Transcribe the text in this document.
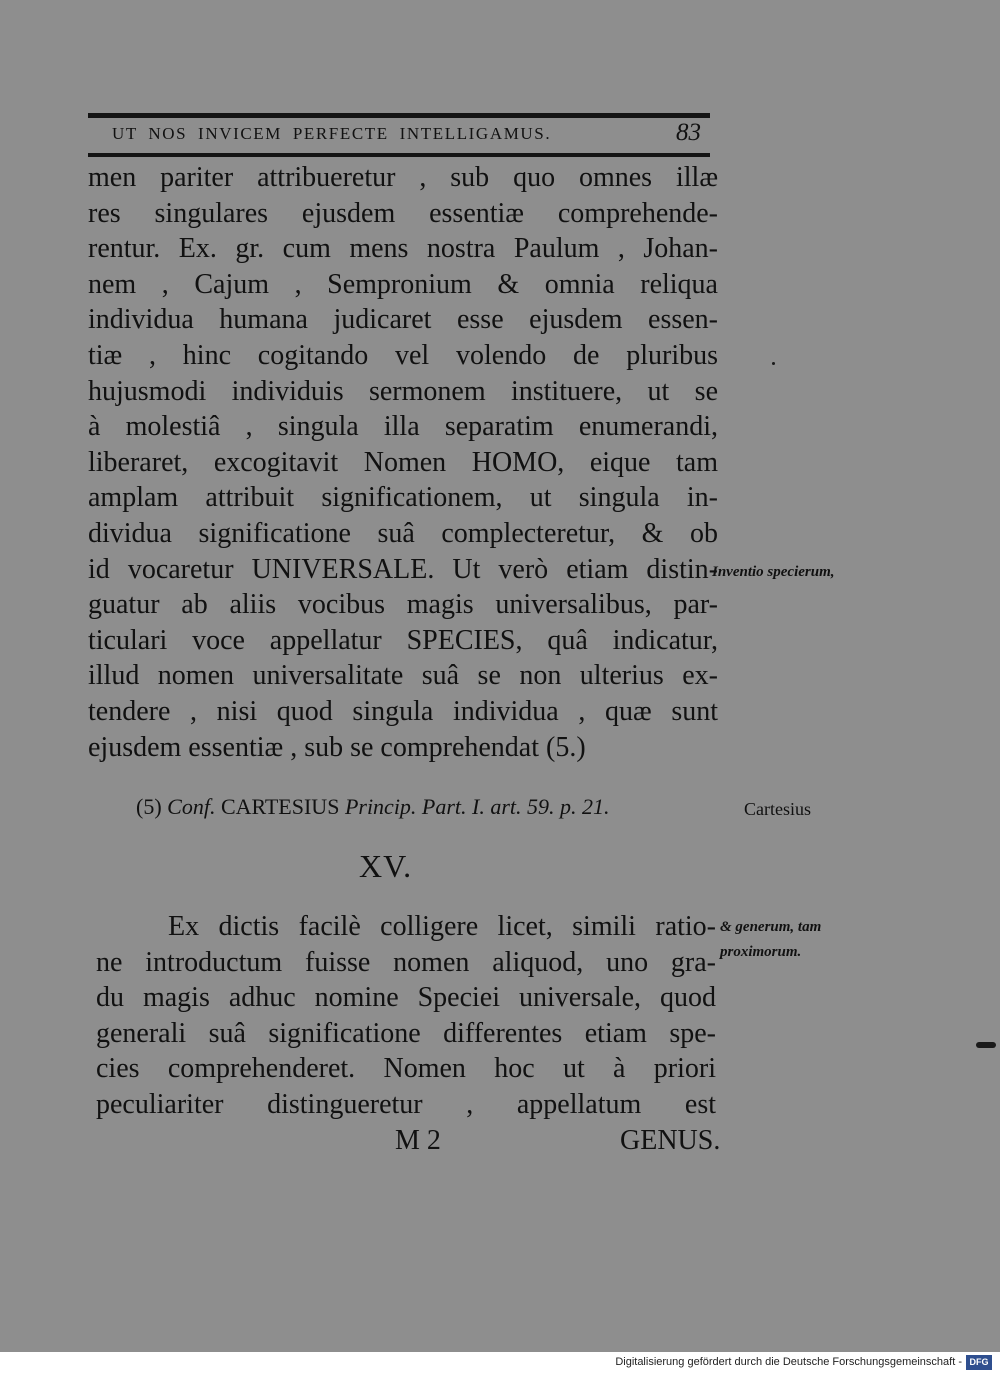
UT NOS INVICEM PERFECTE INTELLIGAMUS.	83
men pariter attribueretur , sub quo omnes illæ
res singulares ejusdem essentiæ comprehende-
rentur. Ex. gr. cum mens nostra Paulum , Johan-
nem , Cajum , Sempronium & omnia reliqua
individua humana judicaret esse ejusdem essen-
tiæ , hinc cogitando vel volendo de pluribus
hujusmodi individuis sermonem instituere, ut se
à molestiâ , singula illa separatim enumerandi,
liberaret, excogitavit Nomen HOMO, eique tam
amplam attribuit significationem, ut singula in-
dividua significatione suâ complecteretur, & ob
id vocaretur UNIVERSALE. Ut verò etiam distin-
guatur ab aliis vocibus magis universalibus, par-
ticulari voce appellatur SPECIES, quâ indicatur,
illud nomen universalitate suâ se non ulterius ex-
tendere , nisi quod singula individua , quæ sunt
ejusdem essentiæ , sub se comprehendat (5.)
Inventio specierum,
(5) Conf. CARTESIUS Princip. Part. I. art. 59. p. 21.	Cartesius
XV.
Ex dictis facilè colligere licet, simili ratio-
ne introductum fuisse nomen aliquod, uno gra-
du magis adhuc nomine Speciei universale, quod
generali suâ significatione differentes etiam spe-
cies comprehenderet. Nomen hoc ut à priori
peculiariter distingueretur , appellatum est
& generum, tam
proximorum.
M 2	GENUS.
Digitalisierung gefördert durch die Deutsche Forschungsgemeinschaft - DFG
